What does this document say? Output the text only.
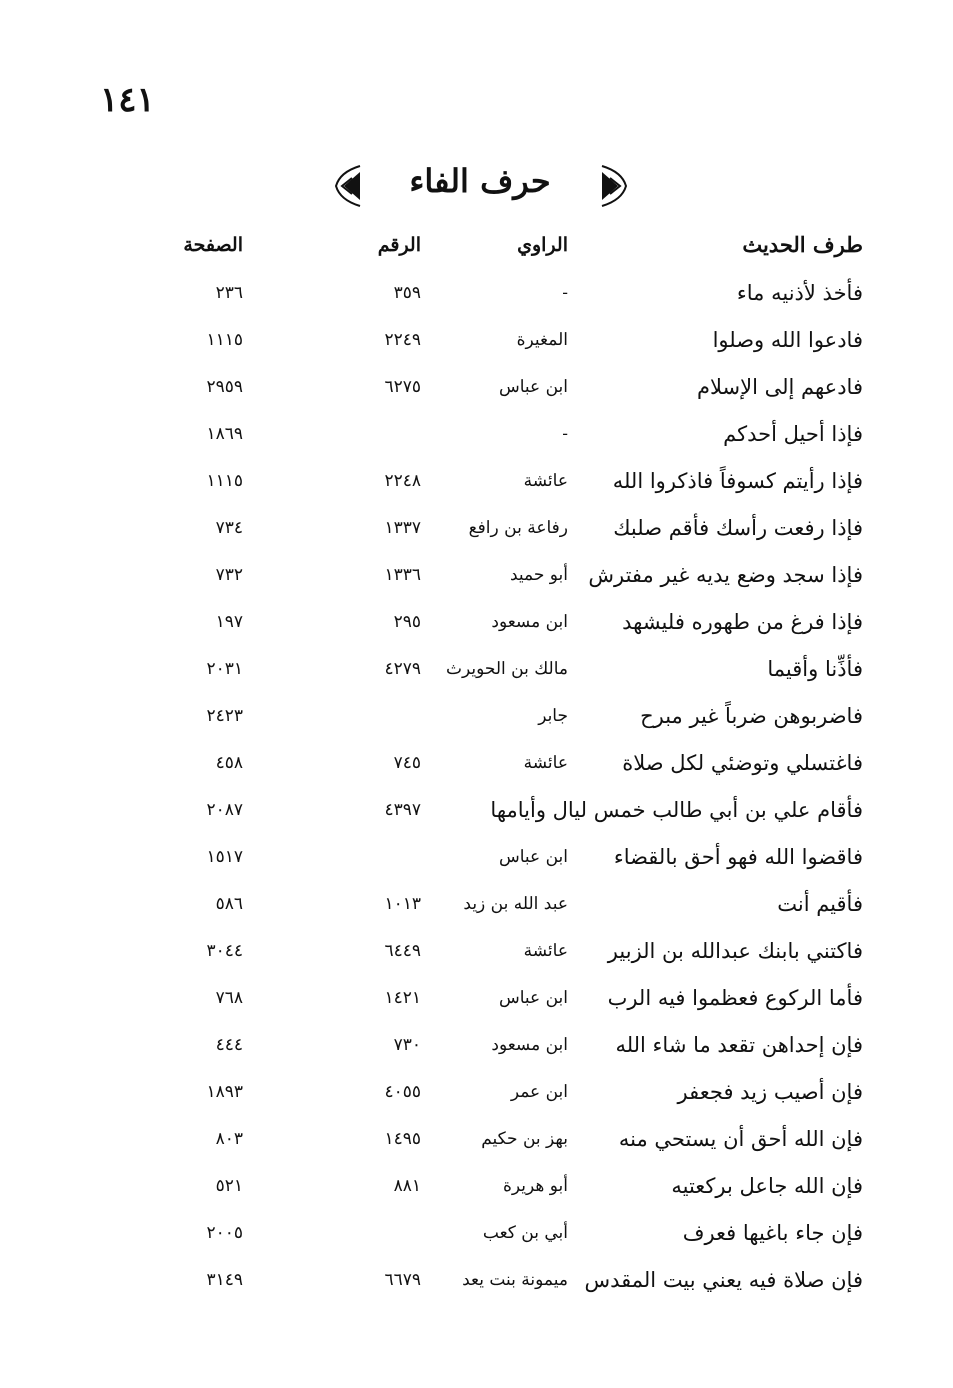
١٤١
حرف الفاء
طرف الحديث
الراوي
الرقم
الصفحة
فأخذ لأذنيه ماء
-
٣٥٩
٢٣٦
فادعوا الله وصلوا
المغيرة
٢٢٤٩
١١١٥
فادعهم إلى الإسلام
ابن عباس
٦٢٧٥
٢٩٥٩
فإذا أحيل أحدكم
-
١٨٦٩
فإذا رأيتم كسوفاً فاذكروا الله
عائشة
٢٢٤٨
١١١٥
فإذا رفعت رأسك فأقم صلبك
رفاعة بن رافع
١٣٣٧
٧٣٤
فإذا سجد وضع يديه غير مفترش
أبو حميد
١٣٣٦
٧٣٢
فإذا فرغ من طهوره فليشهد
ابن مسعود
٢٩٥
١٩٧
فأذِّنا وأقيما
مالك بن الحويرث
٤٢٧٩
٢٠٣١
فاضربوهن ضرباً غير مبرح
جابر
٢٤٢٣
فاغتسلي وتوضئي لكل صلاة
عائشة
٧٤٥
٤٥٨
فأقام علي بن أبي طالب خمس ليال وأيامها
٤٣٩٧
٢٠٨٧
فاقضوا الله فهو أحق بالقضاء
ابن عباس
١٥١٧
فأقيم أنت
عبد الله بن زيد
١٠١٣
٥٨٦
فاكتني بابنك عبدالله بن الزبير
عائشة
٦٤٤٩
٣٠٤٤
فأما الركوع فعظموا فيه الرب
ابن عباس
١٤٢١
٧٦٨
فإن إحداهن تقعد ما شاء الله
ابن مسعود
٧٣٠
٤٤٤
فإن أصيب زيد فجعفر
ابن عمر
٤٠٥٥
١٨٩٣
فإن الله أحق أن يستحي منه
بهز بن حكيم
١٤٩٥
٨٠٣
فإن الله جاعل بركعتيه
أبو هريرة
٨٨١
٥٢١
فإن جاء باغيها فعرف
أبي بن كعب
٢٠٠٥
فإن صلاة فيه يعني بيت المقدس
ميمونة بنت يعد
٦٦٧٩
٣١٤٩
